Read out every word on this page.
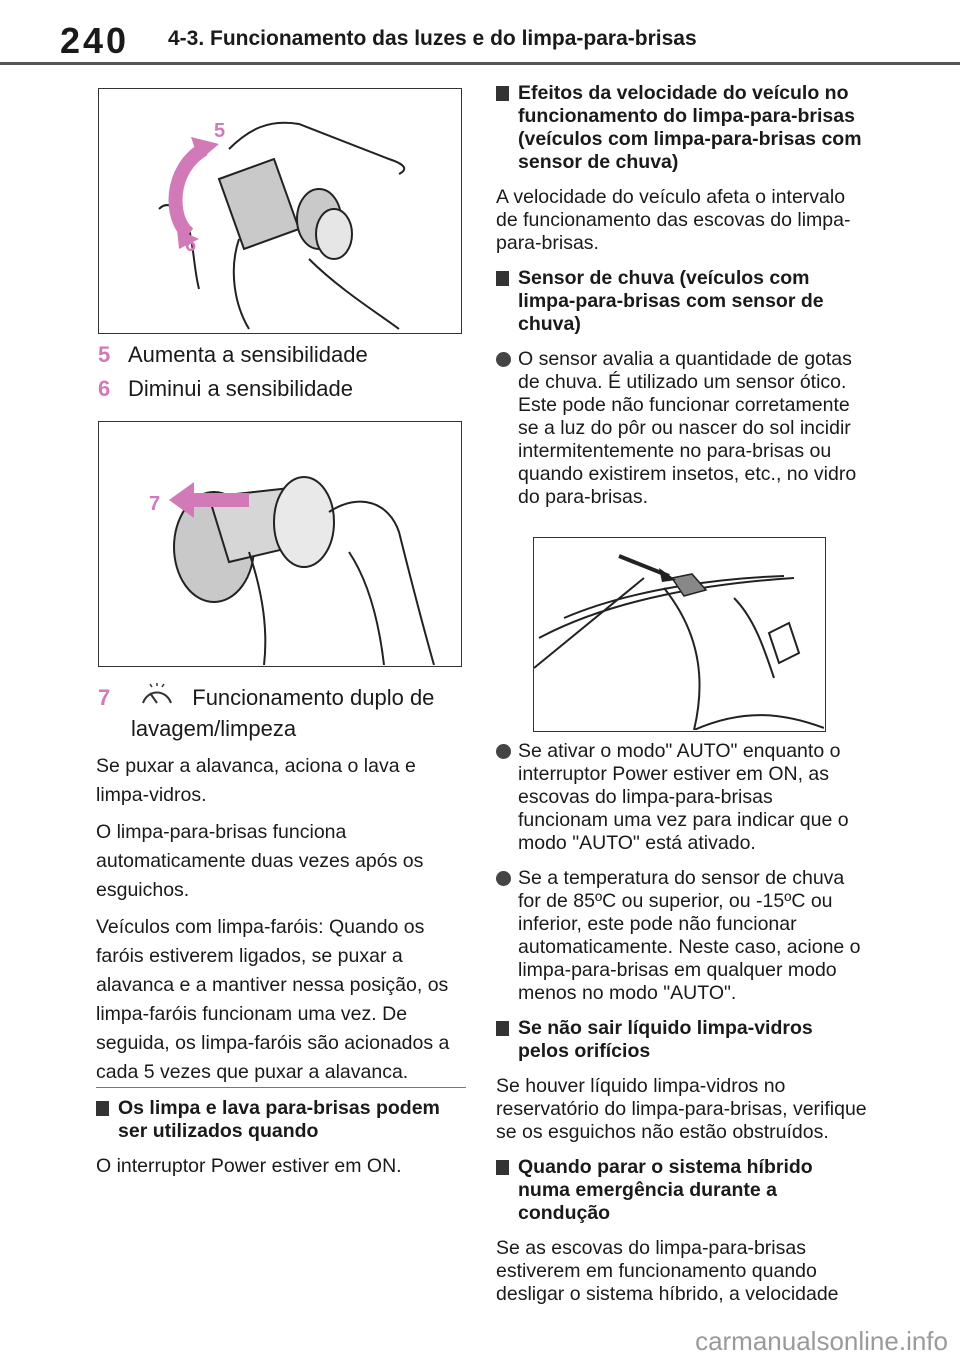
240 4-3. Funcionamento das luzes e do limpa-para-brisas
5
6
5 Aumenta a sensibilidade
6 Diminui a sensibilidade
7
7	Funcionamento duplo de
lavagem/limpeza

Se puxar a alavanca, aciona o lava e limpa-vidros.

O limpa-para-brisas funciona automaticamente duas vezes após os esguichos.

Veículos com limpa-faróis: Quando os faróis estiverem ligados, se puxar a alavanca e a mantiver nessa posição, os limpa-faróis funcionam uma vez. De seguida, os limpa-faróis são acionados a cada 5 vezes que puxar a alavanca.

Os limpa e lava para-brisas podem ser utilizados quando

O interruptor Power estiver em ON.

Efeitos da velocidade do veículo no funcionamento do limpa-para-brisas (veículos com limpa-para-brisas com sensor de chuva)

A velocidade do veículo afeta o intervalo de funcionamento das escovas do limpa-para-brisas.

Sensor de chuva (veículos com limpa-para-brisas com sensor de chuva)
O sensor avalia a quantidade de gotas de chuva. É utilizado um sensor ótico. Este pode não funcionar corretamente se a luz do pôr ou nascer do sol incidir intermitentemente no para-brisas ou quando existirem insetos, etc., no vidro do para-brisas.
Se ativar o modo" AUTO" enquanto o interruptor Power estiver em ON, as escovas do limpa-para-brisas funcionam uma vez para indicar que o modo "AUTO" está ativado.
Se a temperatura do sensor de chuva for de 85ºC ou superior, ou -15ºC ou inferior, este pode não funcionar automaticamente. Neste caso, acione o limpa-para-brisas em qualquer modo menos no modo "AUTO".
Se não sair líquido limpa-vidros pelos orifícios

Se houver líquido limpa-vidros no reservatório do limpa-para-brisas, verifique se os esguichos não estão obstruídos.

Quando parar o sistema híbrido numa emergência durante a condução

Se as escovas do limpa-para-brisas estiverem em funcionamento quando desligar o sistema híbrido, a velocidade

carmanualsonline.info
